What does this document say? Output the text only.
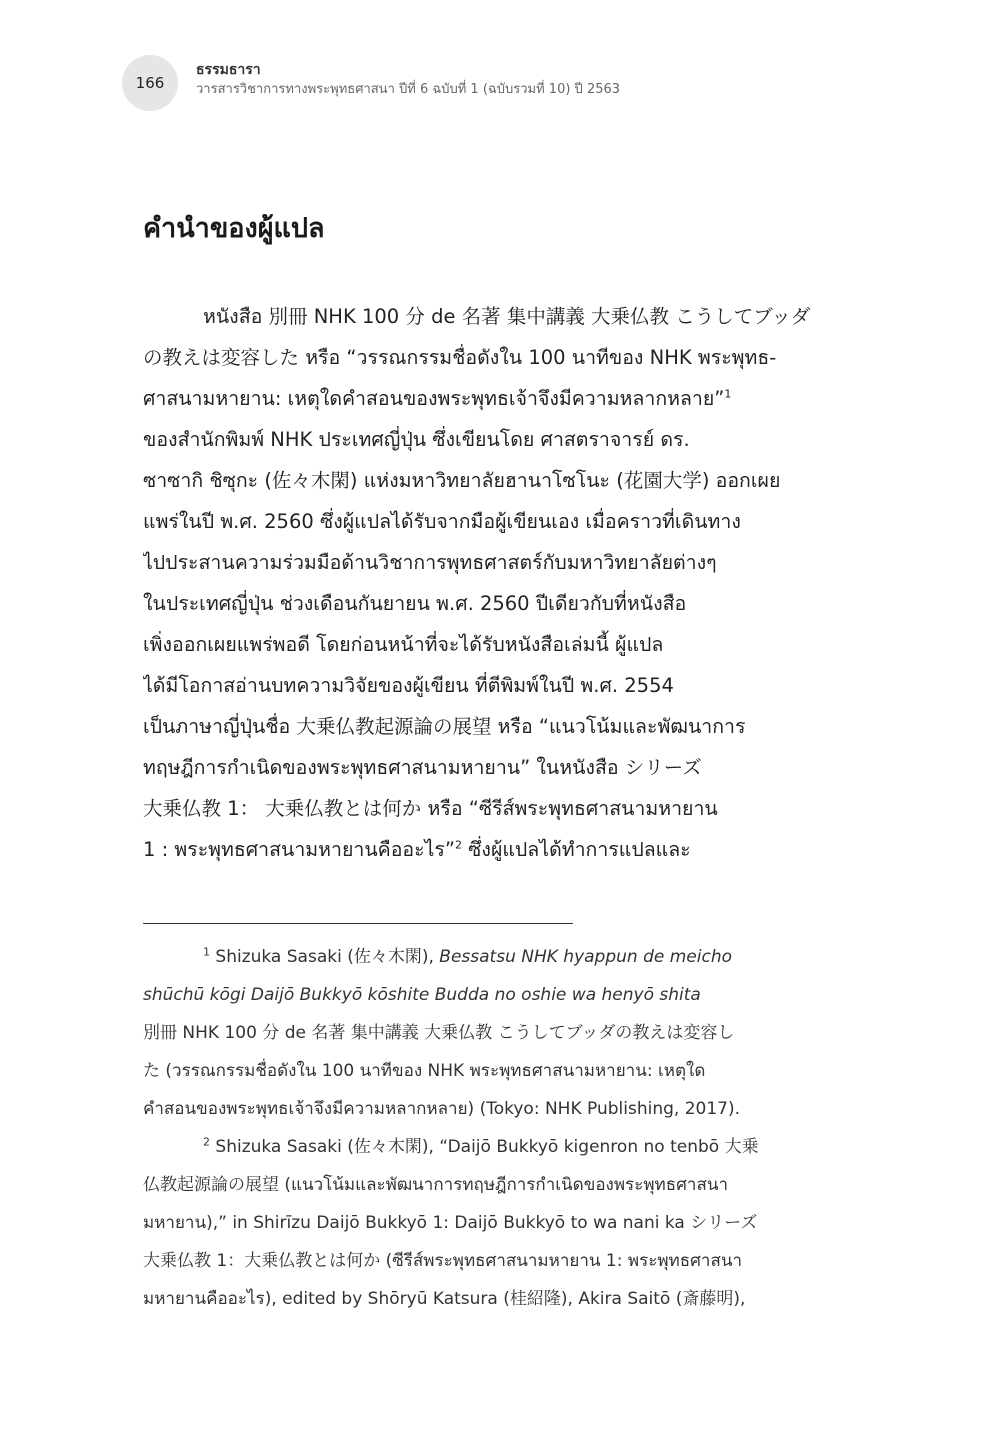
166
ธรรมธารา
วารสารวิชาการทางพระพุทธศาสนา ปีที่ 6 ฉบับที่ 1 (ฉบับรวมที่ 10) ปี 2563
คำนำของผู้แปล
หนังสือ 別冊 NHK 100 分 de 名著 集中講義 大乗仏教 こうしてブッダ
の教えは変容した หรือ “วรรณกรรมชื่อดังใน 100 นาทีของ NHK พระพุทธ-
ศาสนามหายาน: เหตุใดคำสอนของพระพุทธเจ้าจึงมีความหลากหลาย”$^1$
ของสำนักพิมพ์ NHK ประเทศญี่ปุ่น ซึ่งเขียนโดย ศาสตราจารย์ ดร.
ซาซากิ ชิซุกะ (佐々木閑) แห่งมหาวิทยาลัยฮานาโซโนะ (花園大学) ออกเผย
แพร่ในปี พ.ศ. 2560 ซึ่งผู้แปลได้รับจากมือผู้เขียนเอง เมื่อคราวที่เดินทาง
ไปประสานความร่วมมือด้านวิชาการพุทธศาสตร์กับมหาวิทยาลัยต่างๆ
ในประเทศญี่ปุ่น ช่วงเดือนกันยายน พ.ศ. 2560 ปีเดียวกับที่หนังสือ
เพิ่งออกเผยแพร่พอดี โดยก่อนหน้าที่จะได้รับหนังสือเล่มนี้ ผู้แปล
ได้มีโอกาสอ่านบทความวิจัยของผู้เขียน ที่ตีพิมพ์ในปี พ.ศ. 2554
เป็นภาษาญี่ปุ่นชื่อ 大乗仏教起源論の展望 หรือ “แนวโน้มและพัฒนาการ
ทฤษฎีการกำเนิดของพระพุทธศาสนามหายาน” ในหนังสือ シリーズ
大乗仏教 1： 大乗仏教とは何か หรือ “ซีรีส์พระพุทธศาสนามหายาน
1 : พระพุทธศาสนามหายานคืออะไร”$^2$ ซึ่งผู้แปลได้ทำการแปลและ
$^1$ Shizuka Sasaki (佐々木閑), Bessatsu NHK hyappun de meicho
shūchū kōgi Daijō Bukkyō kōshite Budda no oshie wa henyō shita
別冊 NHK 100 分 de 名著 集中講義 大乗仏教 こうしてブッダの教えは変容し
た (วรรณกรรมชื่อดังใน 100 นาทีของ NHK พระพุทธศาสนามหายาน: เหตุใด
คำสอนของพระพุทธเจ้าจึงมีความหลากหลาย) (Tokyo: NHK Publishing, 2017).
$^2$ Shizuka Sasaki (佐々木閑), “Daijō Bukkyō kigenron no tenbō 大乗
仏教起源論の展望 (แนวโน้มและพัฒนาการทฤษฎีการกำเนิดของพระพุทธศาสนา
มหายาน),” in Shirīzu Daijō Bukkyō 1: Daijō Bukkyō to wa nani ka シリーズ
大乗仏教 1：大乗仏教とは何か (ซีรีส์พระพุทธศาสนามหายาน 1: พระพุทธศาสนา
มหายานคืออะไร), edited by Shōryū Katsura (桂紹隆), Akira Saitō (斎藤明),
